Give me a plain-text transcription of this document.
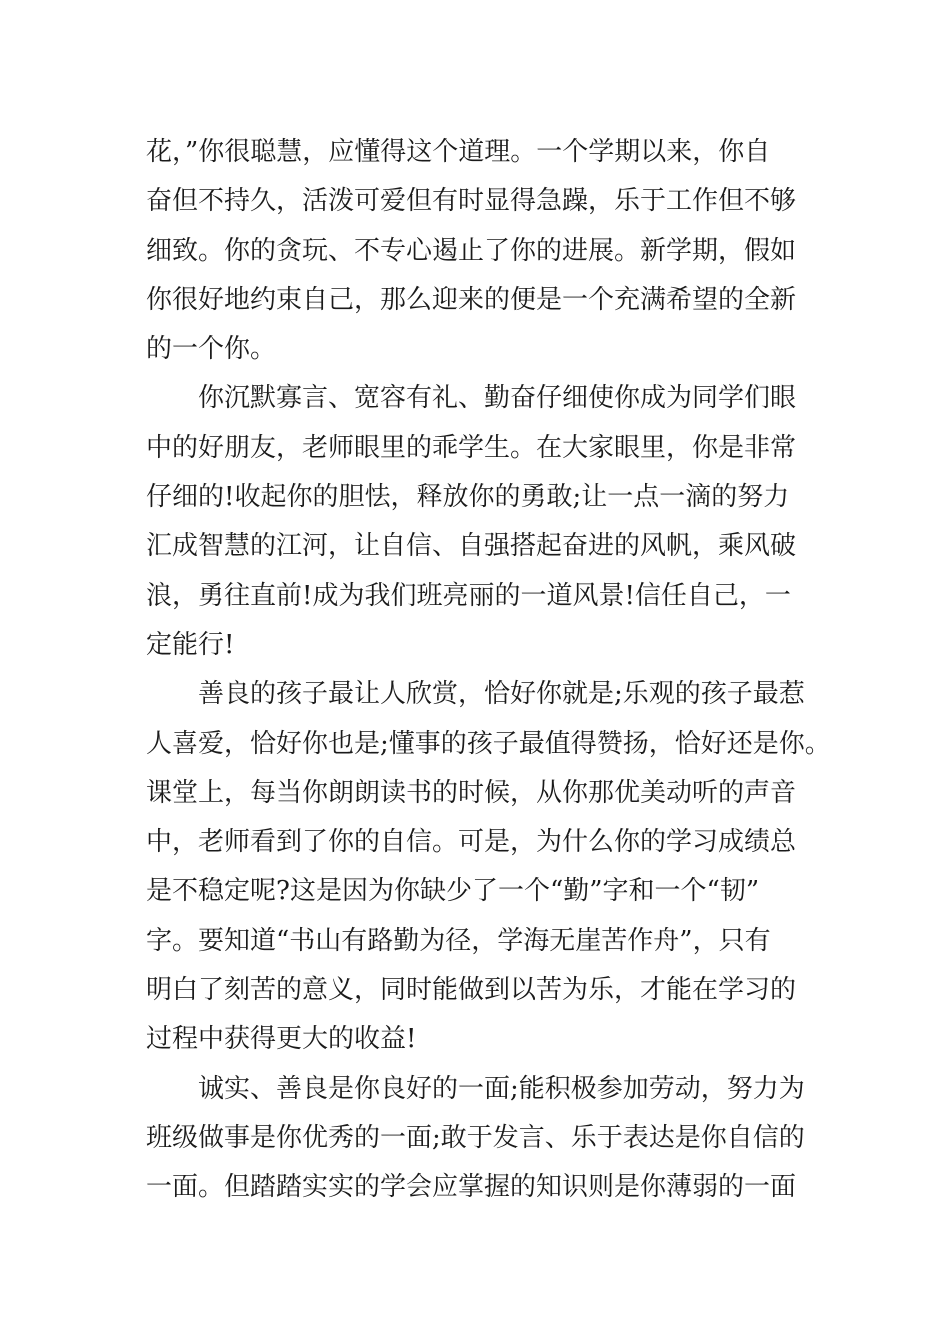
花，”你很聪慧，应懂得这个道理。一个学期以来，你自
奋但不持久，活泼可爱但有时显得急躁，乐于工作但不够
细致。你的贪玩、不专心遏止了你的进展。新学期，假如
你很好地约束自己，那么迎来的便是一个充满希望的全新
的一个你。
你沉默寡言、宽容有礼、勤奋仔细使你成为同学们眼
中的好朋友，老师眼里的乖学生。在大家眼里，你是非常
仔细的!收起你的胆怯，释放你的勇敢;让一点一滴的努力
汇成智慧的江河，让自信、自强搭起奋进的风帆，乘风破
浪，勇往直前!成为我们班亮丽的一道风景!信任自己，一
定能行!
善良的孩子最让人欣赏，恰好你就是;乐观的孩子最惹
人喜爱，恰好你也是;懂事的孩子最值得赞扬，恰好还是你。
课堂上，每当你朗朗读书的时候，从你那优美动听的声音
中，老师看到了你的自信。可是，为什么你的学习成绩总
是不稳定呢?这是因为你缺少了一个“勤”字和一个“韧”
字。要知道“书山有路勤为径，学海无崖苦作舟”，只有
明白了刻苦的意义，同时能做到以苦为乐，才能在学习的
过程中获得更大的收益!
诚实、善良是你良好的一面;能积极参加劳动，努力为
班级做事是你优秀的一面;敢于发言、乐于表达是你自信的
一面。但踏踏实实的学会应掌握的知识则是你薄弱的一面
